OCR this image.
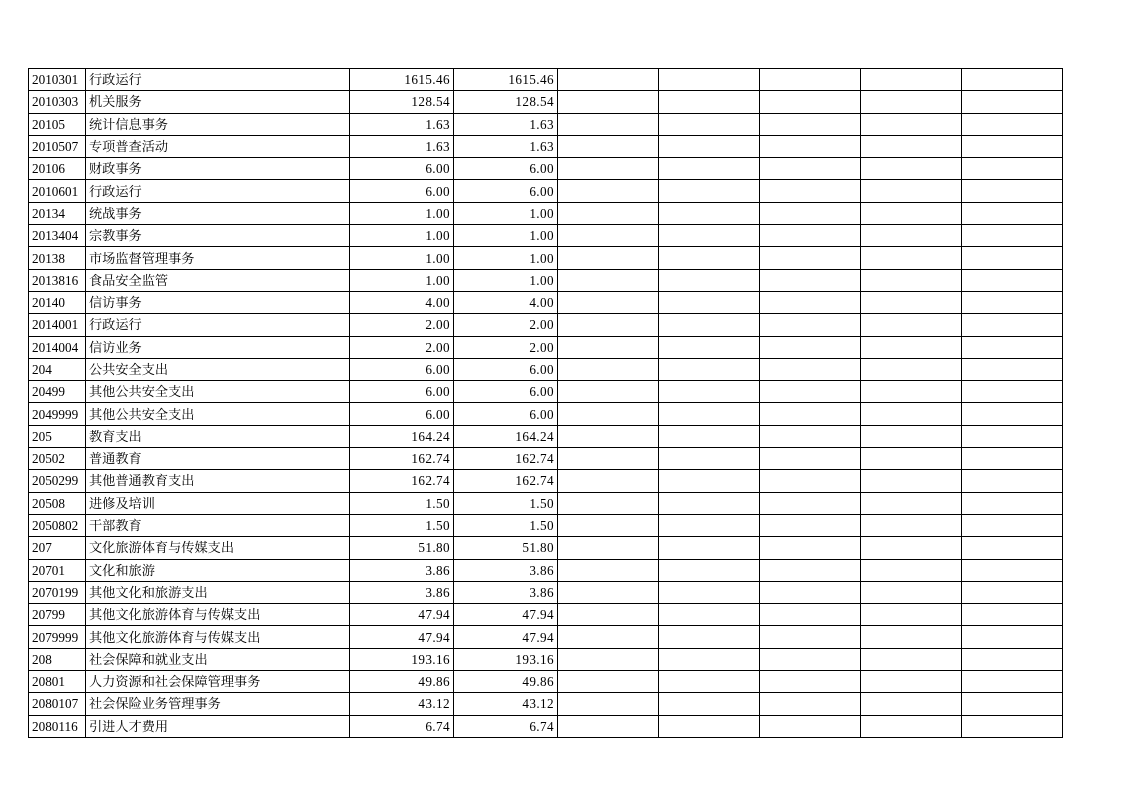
2010301	行政运行	1615.46	1615.46					
2010303	机关服务	128.54	128.54					
20105	统计信息事务	1.63	1.63					
2010507	专项普查活动	1.63	1.63					
20106	财政事务	6.00	6.00					
2010601	行政运行	6.00	6.00					
20134	统战事务	1.00	1.00					
2013404	宗教事务	1.00	1.00					
20138	市场监督管理事务	1.00	1.00					
2013816	食品安全监管	1.00	1.00					
20140	信访事务	4.00	4.00					
2014001	行政运行	2.00	2.00					
2014004	信访业务	2.00	2.00					
204	公共安全支出	6.00	6.00					
20499	其他公共安全支出	6.00	6.00					
2049999	其他公共安全支出	6.00	6.00					
205	教育支出	164.24	164.24					
20502	普通教育	162.74	162.74					
2050299	其他普通教育支出	162.74	162.74					
20508	进修及培训	1.50	1.50					
2050802	干部教育	1.50	1.50					
207	文化旅游体育与传媒支出	51.80	51.80					
20701	文化和旅游	3.86	3.86					
2070199	其他文化和旅游支出	3.86	3.86					
20799	其他文化旅游体育与传媒支出	47.94	47.94					
2079999	其他文化旅游体育与传媒支出	47.94	47.94					
208	社会保障和就业支出	193.16	193.16					
20801	人力资源和社会保障管理事务	49.86	49.86					
2080107	社会保险业务管理事务	43.12	43.12					
2080116	引进人才费用	6.74	6.74					
